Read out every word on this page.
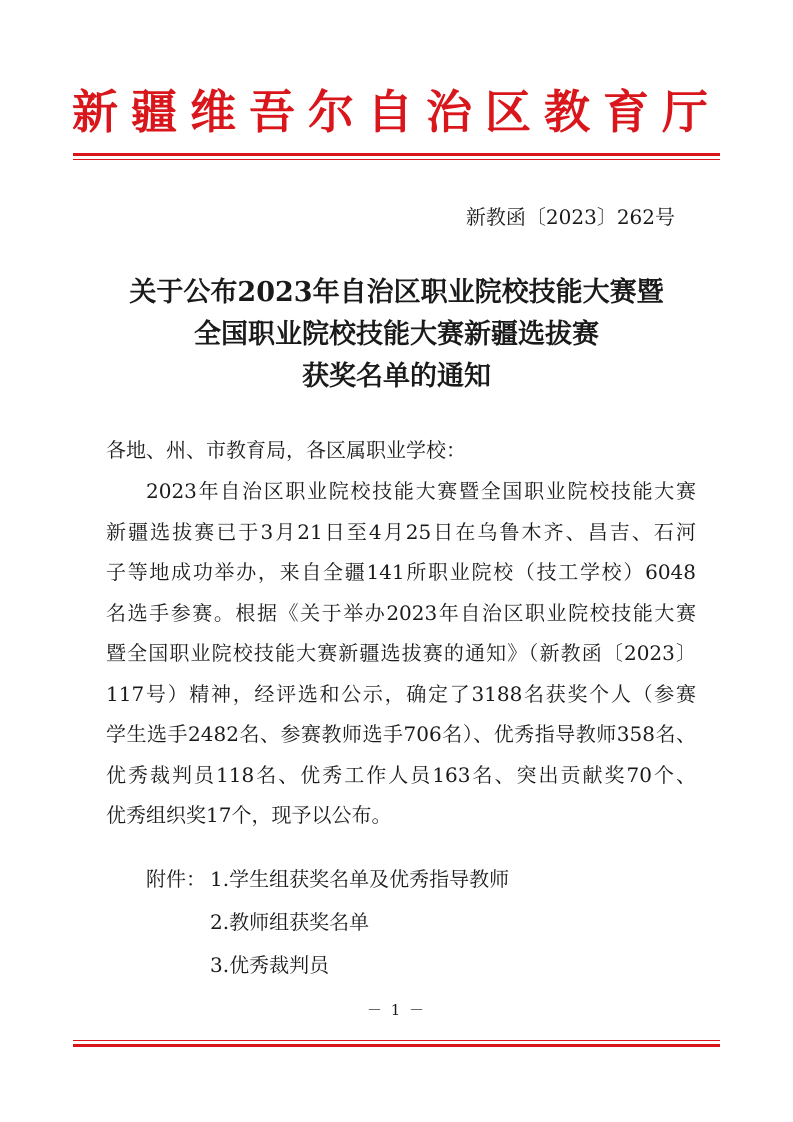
新疆维吾尔自治区教育厅
新教函〔2023〕262号
关于公布2023年自治区职业院校技能大赛暨
全国职业院校技能大赛新疆选拔赛
获奖名单的通知
各地、州、市教育局，各区属职业学校：
2023年自治区职业院校技能大赛暨全国职业院校技能大赛
新疆选拔赛已于3月21日至4月25日在乌鲁木齐、昌吉、石河
子等地成功举办，来自全疆141所职业院校（技工学校）6048
名选手参赛。根据《关于举办2023年自治区职业院校技能大赛
暨全国职业院校技能大赛新疆选拔赛的通知》（新教函〔2023〕
117号）精神，经评选和公示，确定了3188名获奖个人（参赛
学生选手2482名、参赛教师选手706名）、优秀指导教师358名、
优秀裁判员118名、优秀工作人员163名、突出贡献奖70个、
优秀组织奖17个，现予以公布。
附件： 1.学生组获奖名单及优秀指导教师
2.教师组获奖名单
3.优秀裁判员
－ 1 －
